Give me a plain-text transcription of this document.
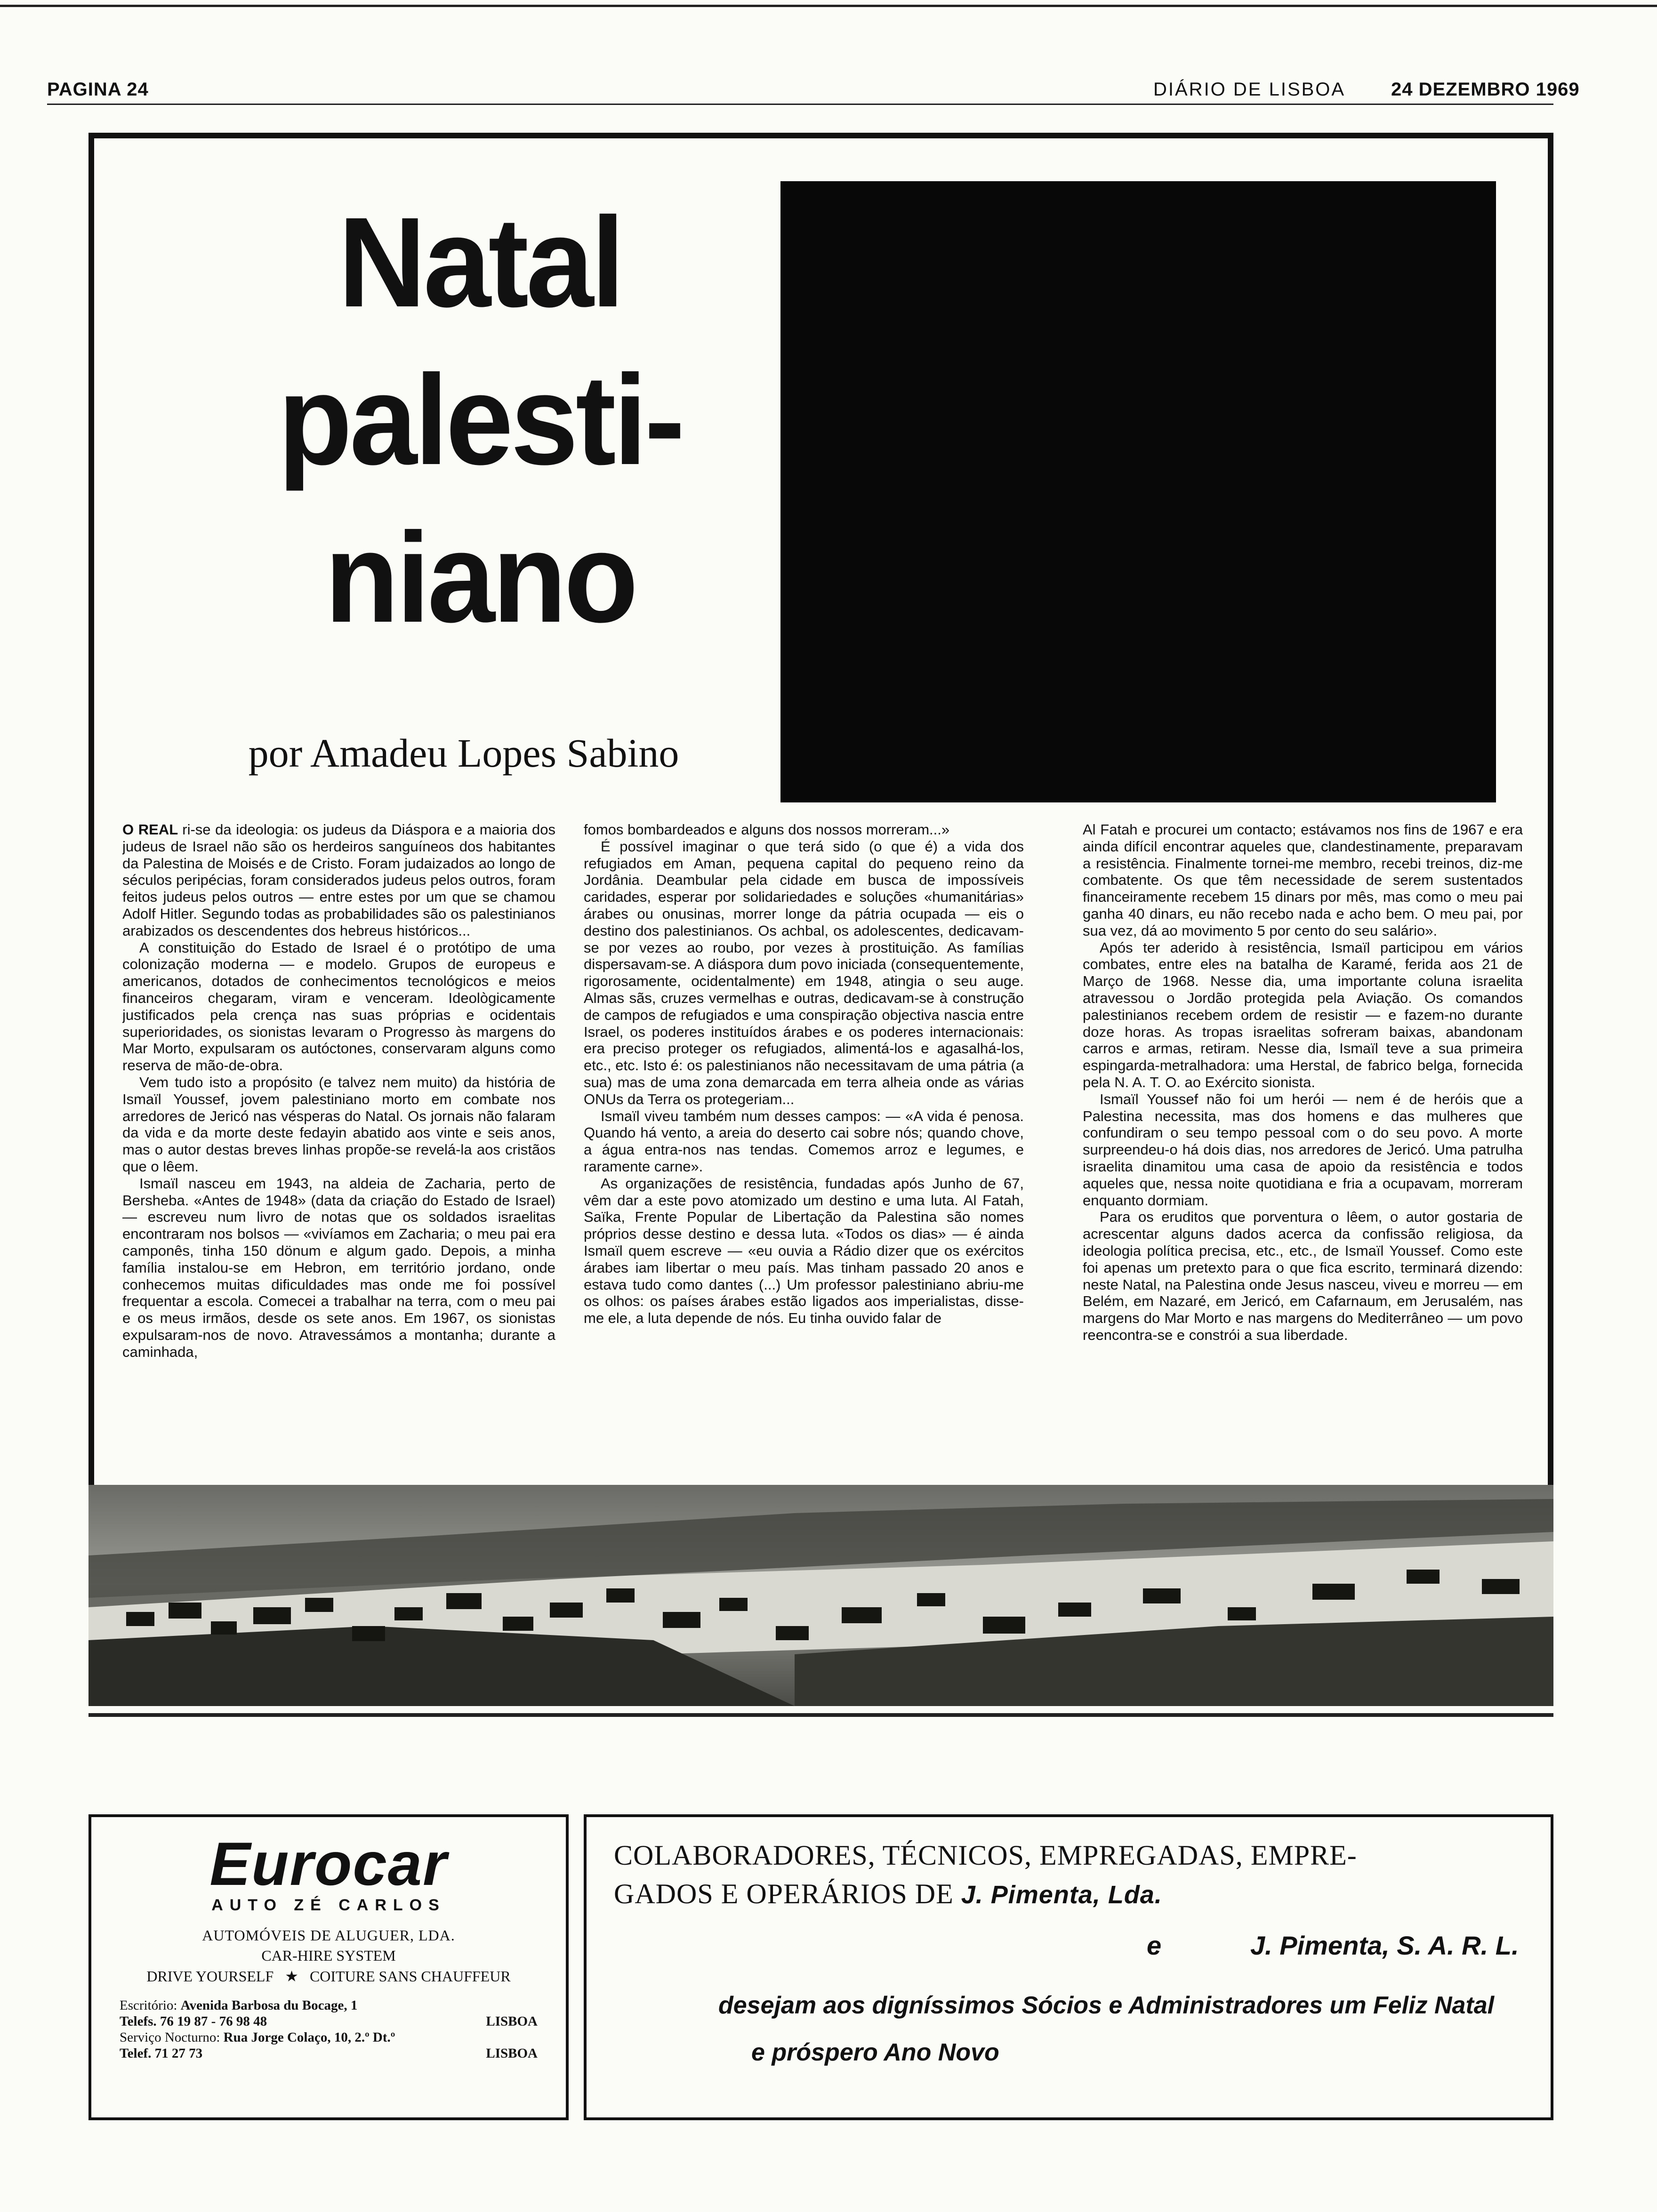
PAGINA 24	DIÁRIO DE LISBOA 24 DEZEMBRO 1969
Natal
palesti-
niano
por Amadeu Lopes Sabino

O REAL ri-se da ideologia: os judeus da Diáspora e a maioria dos judeus de Israel não são os herdeiros sanguíneos dos habitantes da Palestina de Moisés e de Cristo. Foram judaizados ao longo de séculos peripécias, foram considerados judeus pelos outros, foram feitos judeus pelos outros — entre estes por um que se chamou Adolf Hitler. Segundo todas as probabilidades são os palestinianos arabizados os descendentes dos hebreus históricos...

A constituição do Estado de Israel é o protótipo de uma colonização moderna — e modelo. Grupos de europeus e americanos, dotados de conhecimentos tecnológicos e meios financeiros chegaram, viram e venceram. Ideològicamente justificados pela crença nas suas próprias e ocidentais superioridades, os sionistas levaram o Progresso às margens do Mar Morto, expulsaram os autóctones, conservaram alguns como reserva de mão-de-obra.

Vem tudo isto a propósito (e talvez nem muito) da história de Ismaïl Youssef, jovem palestiniano morto em combate nos arredores de Jericó nas vésperas do Natal. Os jornais não falaram da vida e da morte deste fedayin abatido aos vinte e seis anos, mas o autor destas breves linhas propõe-se revelá-la aos cristãos que o lêem.

Ismaïl nasceu em 1943, na aldeia de Zacharia, perto de Bersheba. «Antes de 1948» (data da criação do Estado de Israel) — escreveu num livro de notas que os soldados israelitas encontraram nos bolsos — «vivíamos em Zacharia; o meu pai era camponês, tinha 150 dönum e algum gado. Depois, a minha família instalou-se em Hebron, em território jordano, onde conhecemos muitas dificuldades mas onde me foi possível frequentar a escola. Comecei a trabalhar na terra, com o meu pai e os meus irmãos, desde os sete anos. Em 1967, os sionistas expulsaram-nos de novo. Atravessámos a montanha; durante a caminhada,

fomos bombardeados e alguns dos nossos morreram...»

É possível imaginar o que terá sido (o que é) a vida dos refugiados em Aman, pequena capital do pequeno reino da Jordânia. Deambular pela cidade em busca de impossíveis caridades, esperar por solidariedades e soluções «humanitárias» árabes ou onusinas, morrer longe da pátria ocupada — eis o destino dos palestinianos. Os achbal, os adolescentes, dedicavam-se por vezes ao roubo, por vezes à prostituição. As famílias dispersavam-se. A diáspora dum povo iniciada (consequentemente, rigorosamente, ocidentalmente) em 1948, atingia o seu auge. Almas sãs, cruzes vermelhas e outras, dedicavam-se à construção de campos de refugiados e uma conspiração objectiva nascia entre Israel, os poderes instituídos árabes e os poderes internacionais: era preciso proteger os refugiados, alimentá-los e agasalhá-los, etc., etc. Isto é: os palestinianos não necessitavam de uma pátria (a sua) mas de uma zona demarcada em terra alheia onde as várias ONUs da Terra os protegeriam...

Ismaïl viveu também num desses campos: — «A vida é penosa. Quando há vento, a areia do deserto cai sobre nós; quando chove, a água entra-nos nas tendas. Comemos arroz e legumes, e raramente carne».

As organizações de resistência, fundadas após Junho de 67, vêm dar a este povo atomizado um destino e uma luta. Al Fatah, Saïka, Frente Popular de Libertação da Palestina são nomes próprios desse destino e dessa luta. «Todos os dias» — é ainda Ismaïl quem escreve — «eu ouvia a Rádio dizer que os exércitos árabes iam libertar o meu país. Mas tinham passado 20 anos e estava tudo como dantes (...) Um professor palestiniano abriu-me os olhos: os países árabes estão ligados aos imperialistas, disse-me ele, a luta depende de nós. Eu tinha ouvido falar de

Al Fatah e procurei um contacto; estávamos nos fins de 1967 e era ainda difícil encontrar aqueles que, clandestinamente, preparavam a resistência. Finalmente tornei-me membro, recebi treinos, diz-me combatente. Os que têm necessidade de serem sustentados financeiramente recebem 15 dinars por mês, mas como o meu pai ganha 40 dinars, eu não recebo nada e acho bem. O meu pai, por sua vez, dá ao movimento 5 por cento do seu salário».

Após ter aderido à resistência, Ismaïl participou em vários combates, entre eles na batalha de Karamé, ferida aos 21 de Março de 1968. Nesse dia, uma importante coluna israelita atravessou o Jordão protegida pela Aviação. Os comandos palestinianos recebem ordem de resistir — e fazem-no durante doze horas. As tropas israelitas sofreram baixas, abandonam carros e armas, retiram. Nesse dia, Ismaïl teve a sua primeira espingarda-metralhadora: uma Herstal, de fabrico belga, fornecida pela N. A. T. O. ao Exército sionista.

Ismaïl Youssef não foi um herói — nem é de heróis que a Palestina necessita, mas dos homens e das mulheres que confundiram o seu tempo pessoal com o do seu povo. A morte surpreendeu-o há dois dias, nos arredores de Jericó. Uma patrulha israelita dinamitou uma casa de apoio da resistência e todos aqueles que, nessa noite quotidiana e fria a ocupavam, morreram enquanto dormiam.

Para os eruditos que porventura o lêem, o autor gostaria de acrescentar alguns dados acerca da confissão religiosa, da ideologia política precisa, etc., etc., de Ismaïl Youssef. Como este foi apenas um pretexto para o que fica escrito, terminará dizendo: neste Natal, na Palestina onde Jesus nasceu, viveu e morreu — em Belém, em Nazaré, em Jericó, em Cafarnaum, em Jerusalém, nas margens do Mar Morto e nas margens do Mediterrâneo — um povo reencontra-se e constrói a sua liberdade.

Eurocar
AUTO ZÉ CARLOS
AUTOMÓVEIS DE ALUGUER, LDA.
CAR-HIRE SYSTEM
DRIVE YOURSELF ★ COITURE SANS CHAUFFEUR
Escritório: Avenida Barbosa du Bocage, 1
Telefs. 76 19 87 - 76 98 48	LISBOA
Serviço Nocturno: Rua Jorge Colaço, 10, 2.º Dt.º
Telef. 71 27 73	LISBOA
COLABORADORES, TÉCNICOS, EMPREGADAS, EMPRE-
GADOS E OPERÁRIOS DE J. Pimenta, Lda.
e	J. Pimenta, S. A. R. L.
desejam aos digníssimos Sócios e Administradores um Feliz Natal
e próspero Ano Novo
